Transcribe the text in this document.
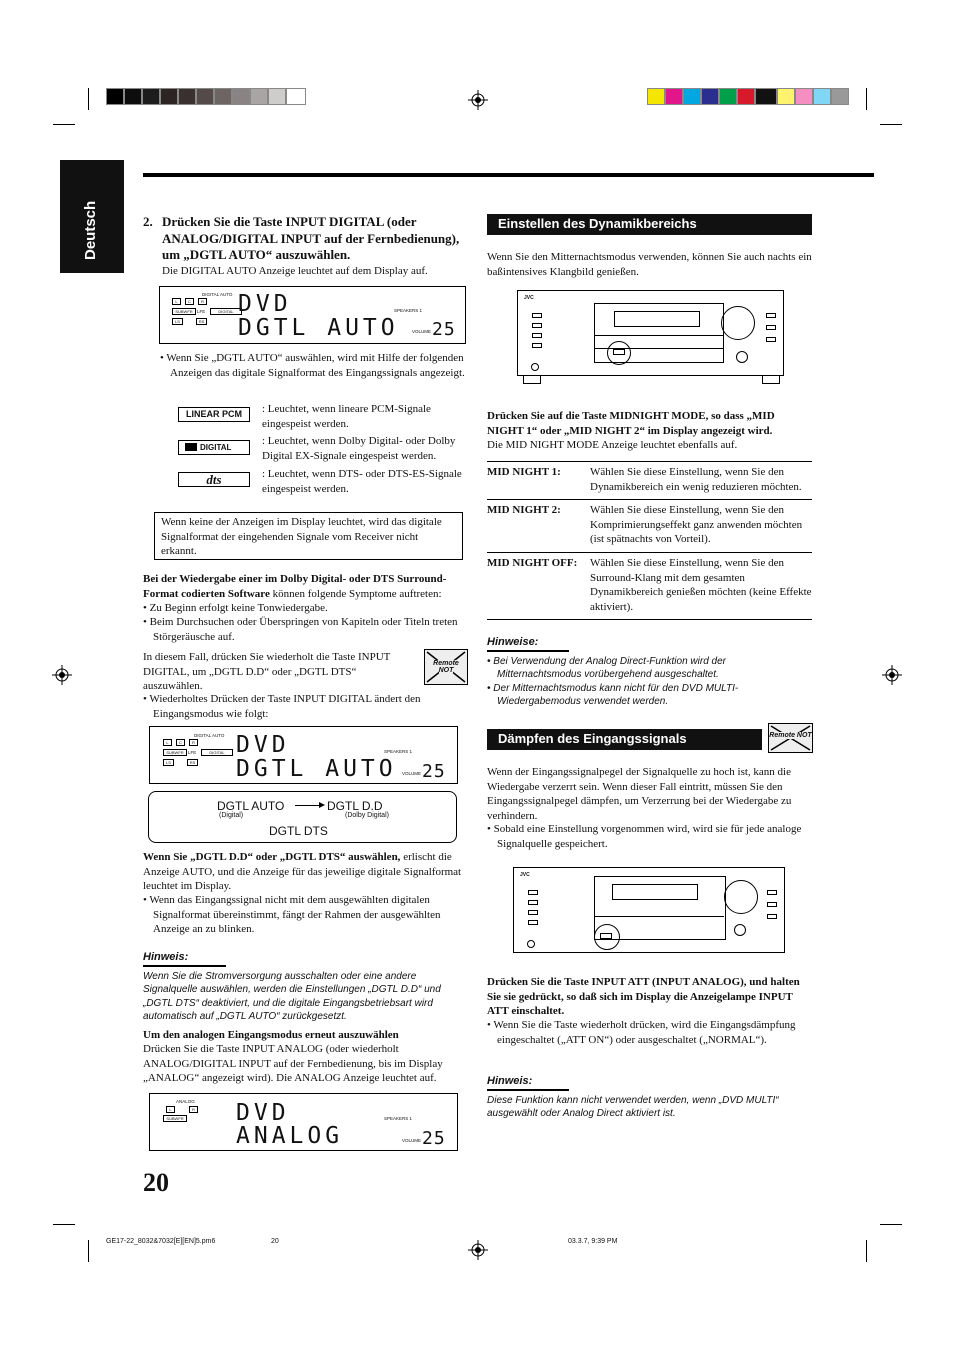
Deutsch	2. Drücken Sie die Taste INPUT DIGITAL (oder ANALOG/DIGITAL INPUT auf der Fernbedienung), um „DGTL AUTO“ auszuwählen.
Die DIGITAL AUTO Anzeige leuchtet auf dem Display auf.
DIGITAL AUTO
L	C	R
SUBWFR LFE	DIGITAL
LS	RS
DVD
DGTL AUTO
SPEAKERS 1
VOLUME 25
• Wenn Sie „DGTL AUTO“ auswählen, wird mit Hilfe der folgenden Anzeigen das digitale Signalformat des Eingangssignals angezeigt.
LINEAR PCM	: Leuchtet, wenn lineare PCM-Signale eingespeist werden.
DIGITAL
: Leuchtet, wenn Dolby Digital- oder Dolby Digital EX-Signale eingespeist werden.
dts	: Leuchtet, wenn DTS- oder DTS-ES-Signale eingespeist werden.
Wenn keine der Anzeigen im Display leuchtet, wird das digitale Signalformat der eingehenden Signale vom Receiver nicht erkannt.
Bei der Wiedergabe einer im Dolby Digital- oder DTS Surround-Format codierten Software können folgende Symptome auftreten:
• Zu Beginn erfolgt keine Tonwiedergabe.
• Beim Durchsuchen oder Überspringen von Kapiteln oder Titeln treten Störgeräusche auf.
In diesem Fall, drücken Sie wiederholt die Taste INPUT DIGITAL, um „DGTL D.D“ oder „DGTL DTS“ auszuwählen.
Remote NOT
• Wiederholtes Drücken der Taste INPUT DIGITAL ändert den Eingangsmodus wie folgt:
DIGITAL AUTO
L	C	R
SUBWFR LFE	DIGITAL
LS	RS
DVD
DGTL AUTO
SPEAKERS 1
VOLUME 25
DGTL AUTO
(Digital)
DGTL D.D
(Dolby Digital)
DGTL DTS
Wenn Sie „DGTL D.D“ oder „DGTL DTS“ auswählen, erlischt die Anzeige AUTO, und die Anzeige für das jeweilige digitale Signalformat leuchtet im Display.
• Wenn das Eingangssignal nicht mit dem ausgewählten digitalen Signalformat übereinstimmt, fängt der Rahmen der ausgewählten Anzeige an zu blinken.
Hinweis:
Wenn Sie die Stromversorgung ausschalten oder eine andere Signalquelle auswählen, werden die Einstellungen „DGTL D.D“ und „DGTL DTS“ deaktiviert, und die digitale Eingangsbetriebsart wird automatisch auf „DGTL AUTO“ zurückgesetzt.
Um den analogen Eingangsmodus erneut auszuwählen
Drücken Sie die Taste INPUT ANALOG (oder wiederholt ANALOG/DIGITAL INPUT auf der Fernbedienung, bis im Display „ANALOG“ angezeigt wird). Die ANALOG Anzeige leuchtet auf.
ANALOG
L	R
SUBWFR DVD
ANALOG
SPEAKERS 1
VOLUME 25
20
Einstellen des Dynamikbereichs
Wenn Sie den Mitternachtsmodus verwenden, können Sie auch nachts ein baßintensives Klangbild genießen.
JVC
Drücken Sie auf die Taste MIDNIGHT MODE, so dass „MID NIGHT 1“ oder „MID NIGHT 2“ im Display angezeigt wird.
Die MID NIGHT MODE Anzeige leuchtet ebenfalls auf.
MID NIGHT 1:	Wählen Sie diese Einstellung, wenn Sie den Dynamikbereich ein wenig reduzieren möchten.
MID NIGHT 2:	Wählen Sie diese Einstellung, wenn Sie den Komprimierungseffekt ganz anwenden möchten (ist spätnachts von Vorteil).
MID NIGHT OFF:	Wählen Sie diese Einstellung, wenn Sie den Surround-Klang mit dem gesamten Dynamikbereich genießen möchten (keine Effekte aktiviert).
Hinweise:
• Bei Verwendung der Analog Direct-Funktion wird der Mitternachtsmodus vorübergehend ausgeschaltet.
• Der Mitternachtsmodus kann nicht für den DVD MULTI-Wiedergabemodus verwendet werden.
Dämpfen des Eingangssignals	Remote NOT
Wenn der Eingangssignalpegel der Signalquelle zu hoch ist, kann die Wiedergabe verzerrt sein. Wenn dieser Fall eintritt, müssen Sie den Eingangssignalpegel dämpfen, um Verzerrung bei der Wiedergabe zu verhindern.
• Sobald eine Einstellung vorgenommen wird, wird sie für jede analoge Signalquelle gespeichert.
JVC
Drücken Sie die Taste INPUT ATT (INPUT ANALOG), und halten Sie sie gedrückt, so daß sich im Display die Anzeigelampe INPUT ATT einschaltet.
• Wenn Sie die Taste wiederholt drücken, wird die Eingangsdämpfung eingeschaltet („ATT ON“) oder ausgeschaltet („NORMAL“).
Hinweis:
Diese Funktion kann nicht verwendet werden, wenn „DVD MULTI“ ausgewählt oder Analog Direct aktiviert ist.
GE17-22_8032&7032[E][EN]5.pm6	20	03.3.7, 9:39 PM
